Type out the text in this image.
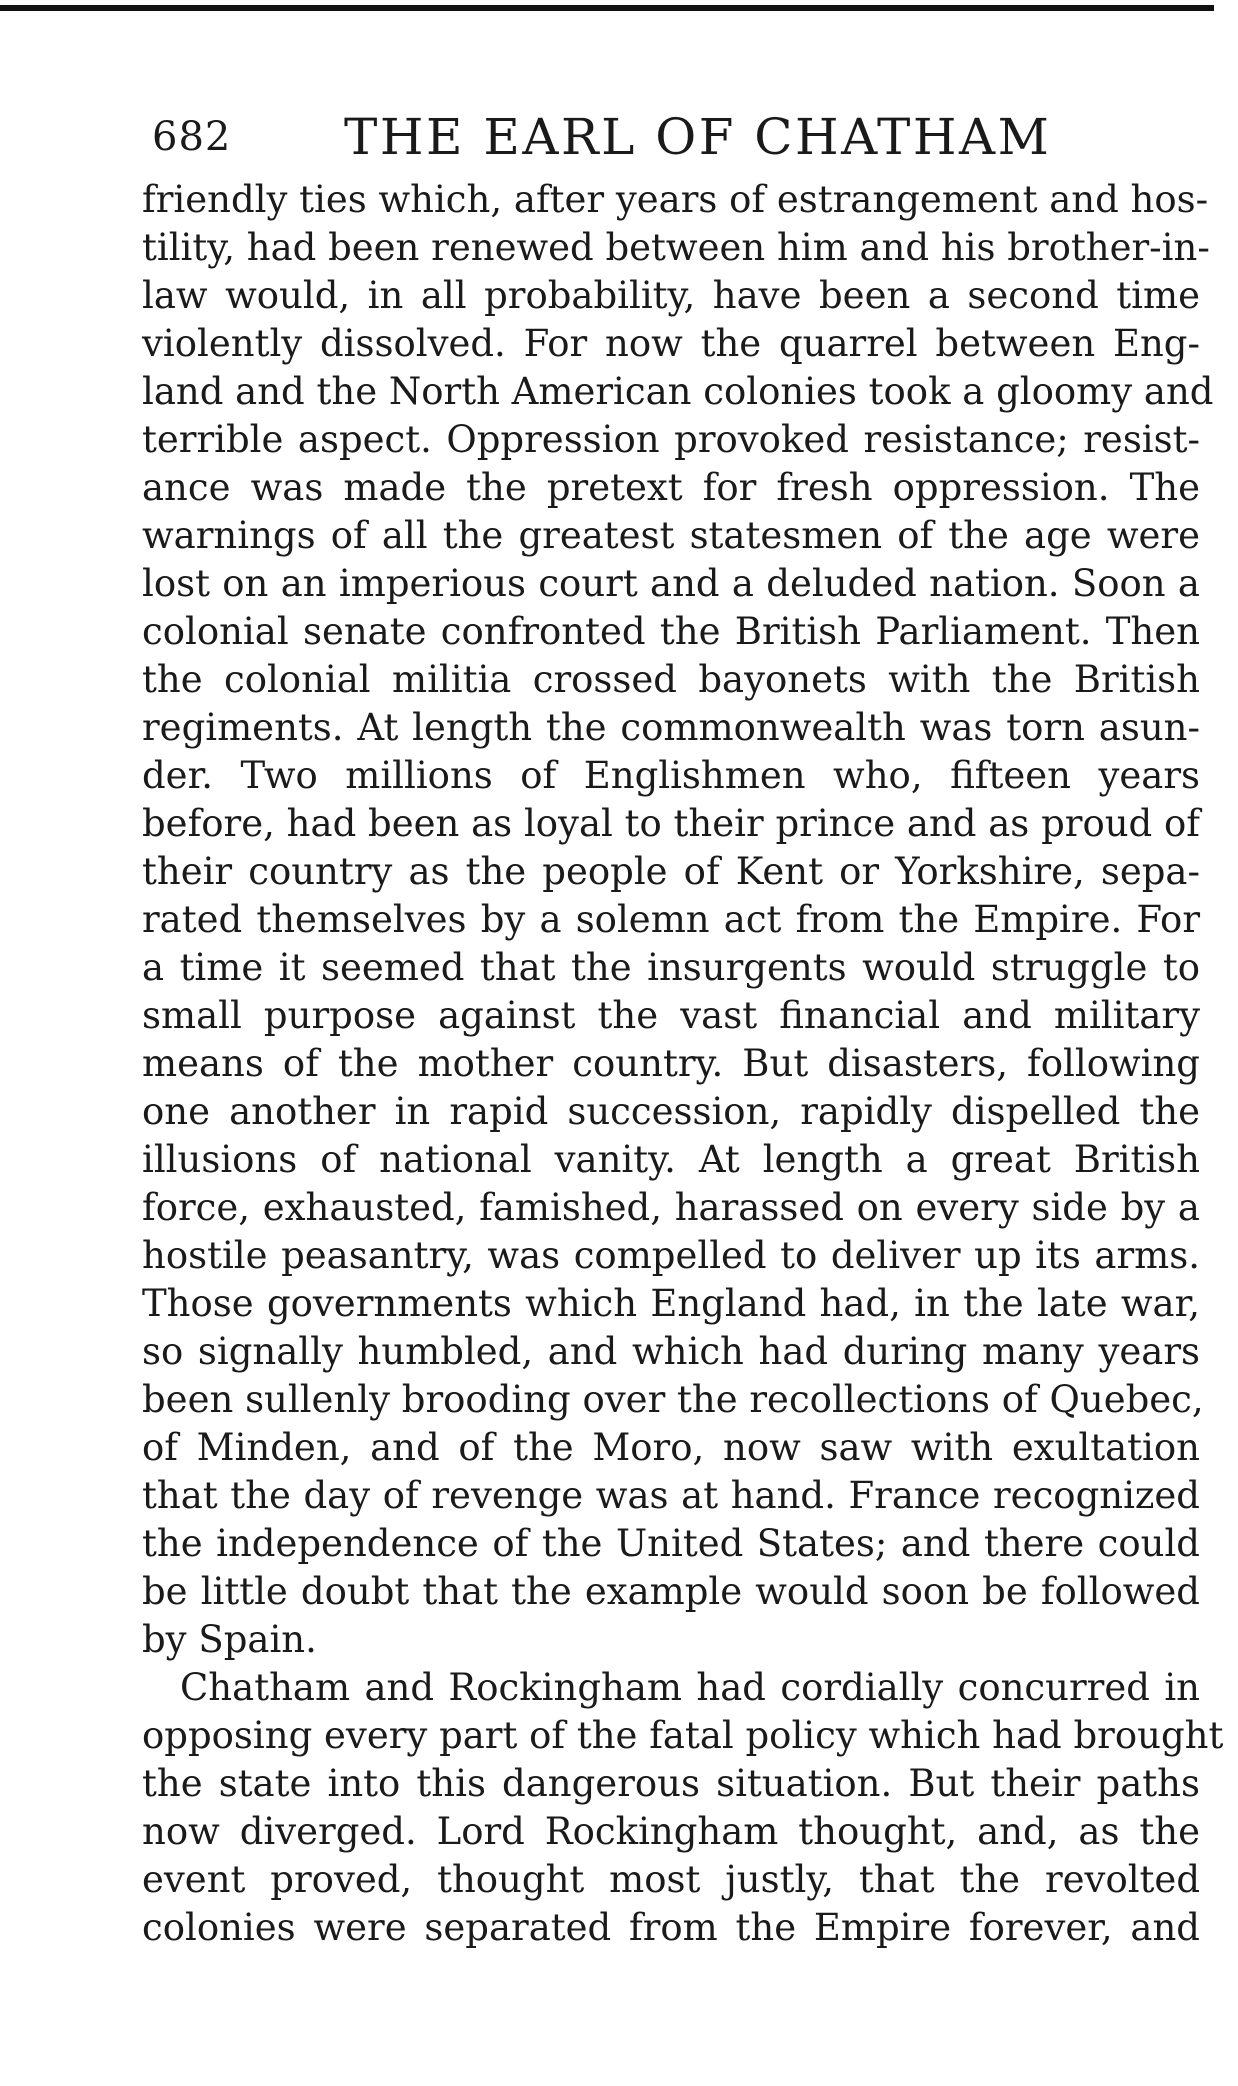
682 THE EARL OF CHATHAM
friendly ties which, after years of estrangement and hos-
tility, had been renewed between him and his brother-in-
law would, in all probability, have been a second time
violently dissolved. For now the quarrel between Eng-
land and the North American colonies took a gloomy and
terrible aspect. Oppression provoked resistance; resist-
ance was made the pretext for fresh oppression. The
warnings of all the greatest statesmen of the age were
lost on an imperious court and a deluded nation. Soon a
colonial senate confronted the British Parliament. Then
the colonial militia crossed bayonets with the British
regiments. At length the commonwealth was torn asun-
der. Two millions of Englishmen who, fifteen years
before, had been as loyal to their prince and as proud of
their country as the people of Kent or Yorkshire, sepa-
rated themselves by a solemn act from the Empire. For
a time it seemed that the insurgents would struggle to
small purpose against the vast financial and military
means of the mother country. But disasters, following
one another in rapid succession, rapidly dispelled the
illusions of national vanity. At length a great British
force, exhausted, famished, harassed on every side by a
hostile peasantry, was compelled to deliver up its arms.
Those governments which England had, in the late war,
so signally humbled, and which had during many years
been sullenly brooding over the recollections of Quebec,
of Minden, and of the Moro, now saw with exultation
that the day of revenge was at hand. France recognized
the independence of the United States; and there could
be little doubt that the example would soon be followed
by Spain.
Chatham and Rockingham had cordially concurred in
opposing every part of the fatal policy which had brought
the state into this dangerous situation. But their paths
now diverged. Lord Rockingham thought, and, as the
event proved, thought most justly, that the revolted
colonies were separated from the Empire forever, and
